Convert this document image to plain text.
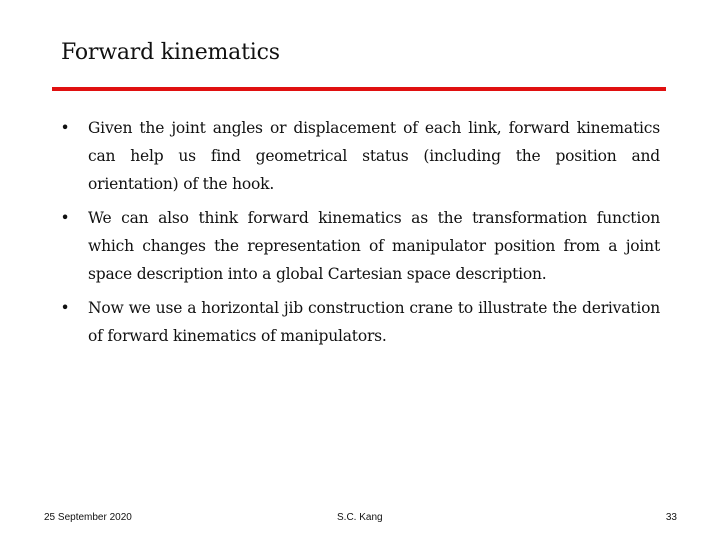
Forward kinematics
• Given the joint angles or displacement of each link, forward kinematics can help us find geometrical status (including the position and orientation) of the hook.
• We can also think forward kinematics as the transformation function which changes the representation of manipulator position from a joint space description into a global Cartesian space description.
• Now we use a horizontal jib construction crane to illustrate the derivation of forward kinematics of manipulators.
25 September 2020	S.C. Kang	33
